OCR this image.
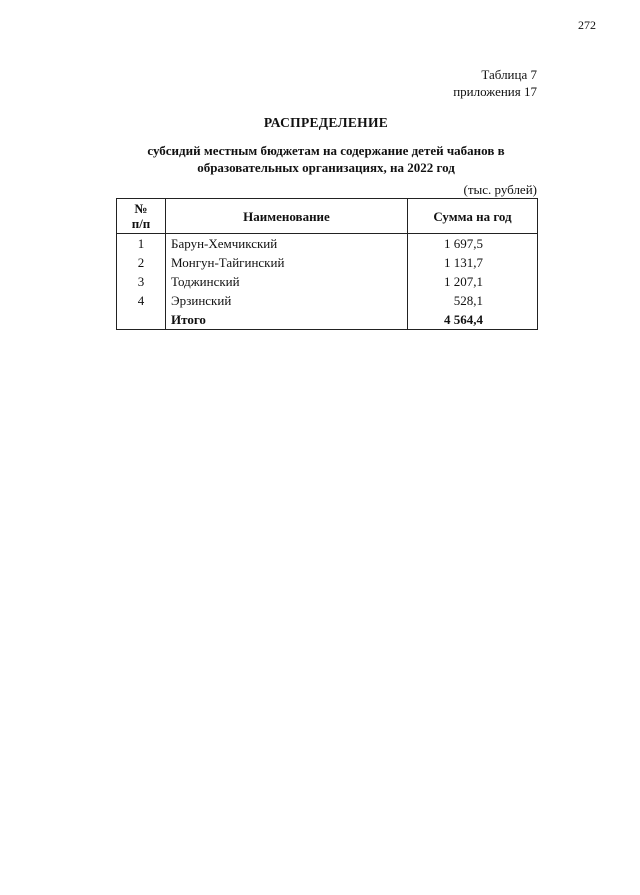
272
Таблица 7
приложения 17
РАСПРЕДЕЛЕНИЕ
субсидий местным бюджетам на содержание детей чабанов в
образовательных организациях, на 2022 год
(тыс. рублей)
№
п/п	Наименование	Сумма на год
1	Барун-Хемчикский	1 697,5
2	Монгун-Тайгинский	1 131,7
3	Тоджинский	1 207,1
4	Эрзинский	528,1
	Итого	4 564,4
